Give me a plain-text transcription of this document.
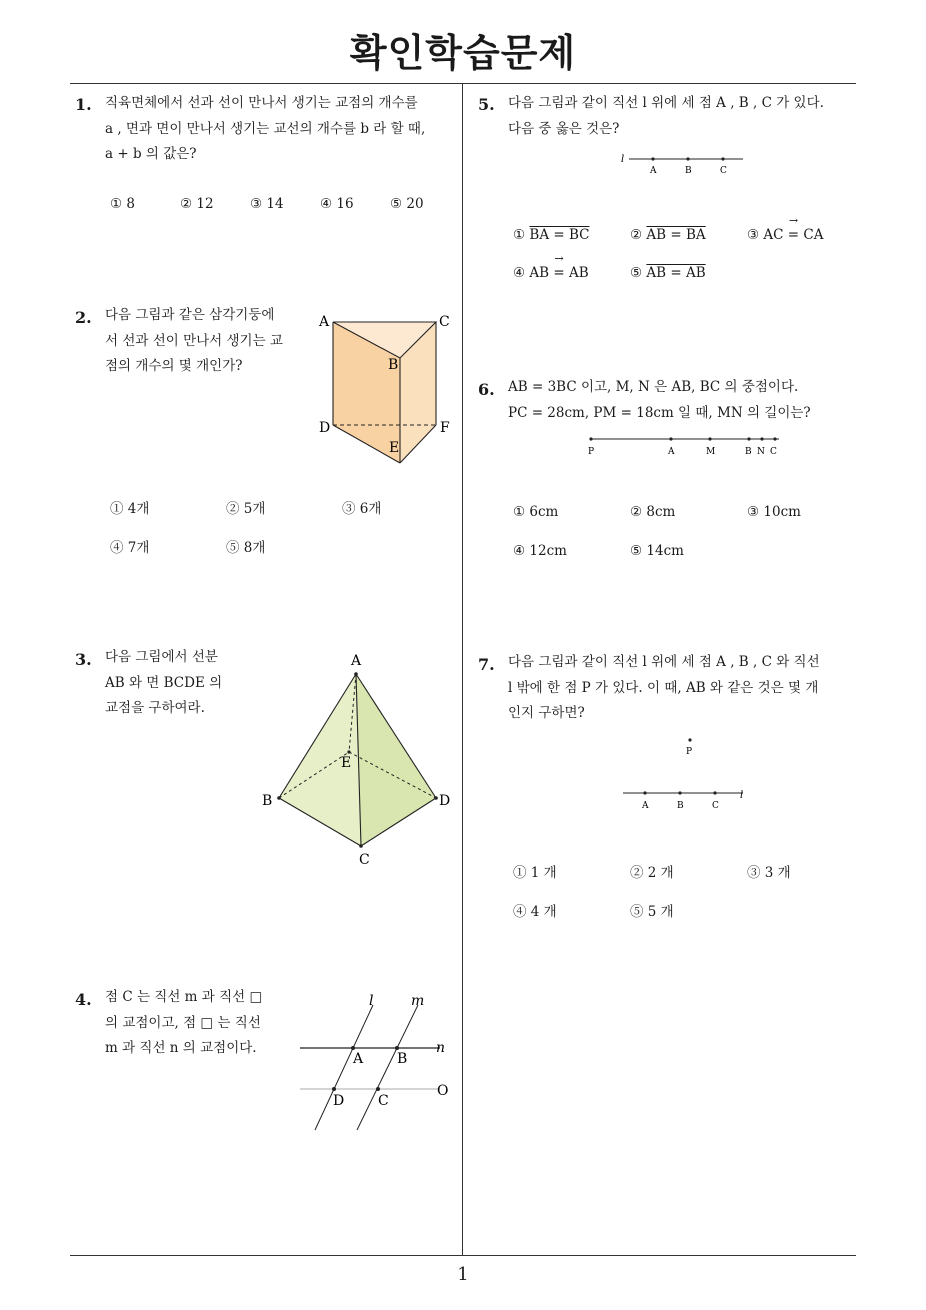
확인학습문제
1. 직육면체에서 선과 선이 만나서 생기는 교점의 개수를
a , 면과 면이 만나서 생기는 교선의 개수를 b 라 할 때,
a + b 의 값은?
① 8	② 12	③ 14	④ 16	⑤ 20
2. 다음 그림과 같은 삼각기둥에
서 선과 선이 만나서 생기는 교
점의 개수의 몇 개인가?
A
B
C
D
E
F
① 4개	② 5개	③ 6개
④ 7개	⑤ 8개
3. 다음 그림에서 선분
AB 와 면 BCDE 의
교점을 구하여라.
A
B
C
D
E
4. 점 C 는 직선 m 과 직선 □
의 교점이고, 점 □ 는 직선
m 과 직선 n 의 교점이다.
l	m
n
A B
D C
O
5. 다음 그림과 같이 직선 l 위에 세 점 A , B , C 가 있다.
다음 중 옳은 것은?
l
A	B	C
① BA = BC	② AB = BA	③ → AC = CA
④ → AB = AB	⑤ AB = AB
6. AB = 3BC 이고, M, N 은 AB, BC 의 중점이다.
PC = 28cm, PM = 18cm 일 때, MN 의 길이는?
P	A	M	B N C
① 6cm	② 8cm	③ 10cm
④ 12cm	⑤ 14cm
7. 다음 그림과 같이 직선 l 위에 세 점 A , B , C 와 직선
l 밖에 한 점 P 가 있다. 이 때, AB 와 같은 것은 몇 개
인지 구하면?
P
A	B	C
l
① 1 개	② 2 개	③ 3 개
④ 4 개	⑤ 5 개
1
